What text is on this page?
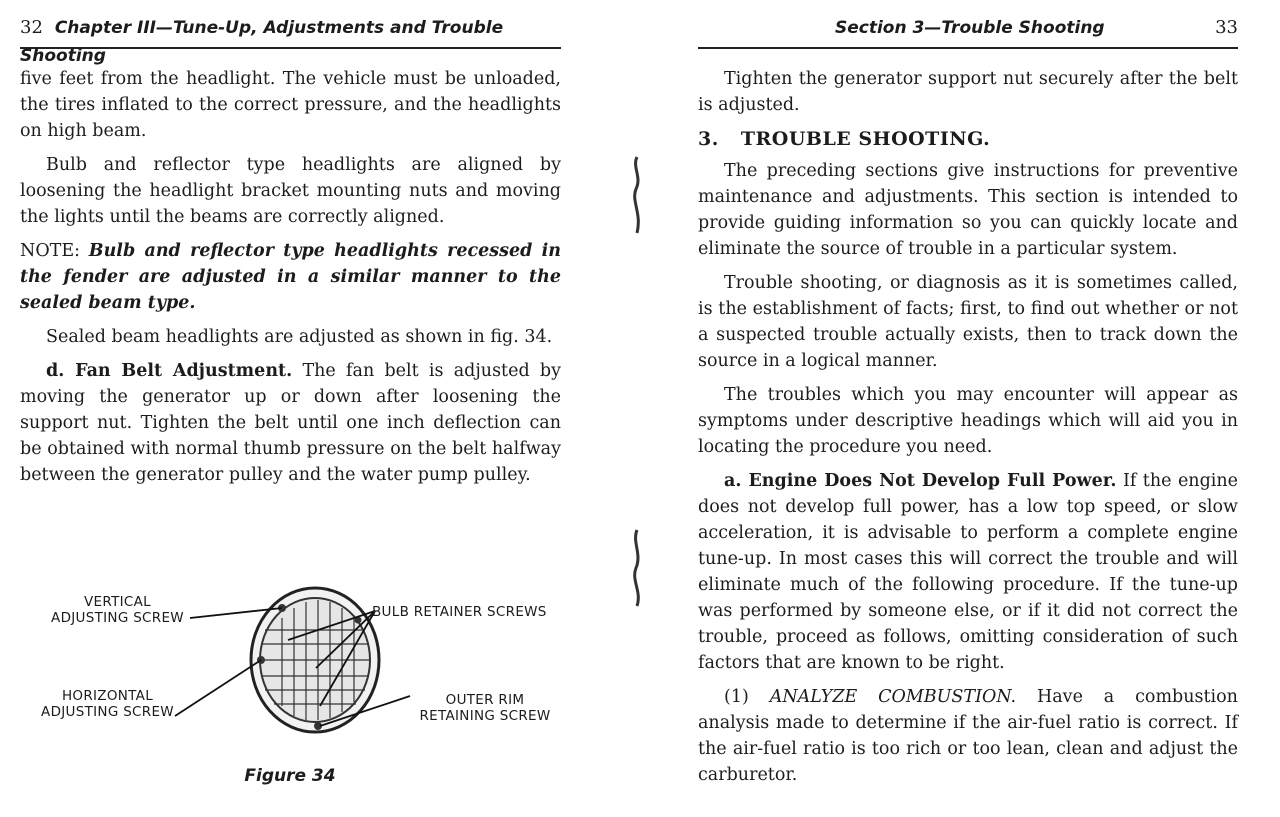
32 Chapter III—Tune-Up, Adjustments and Trouble Shooting

five feet from the headlight. The vehicle must be unloaded, the tires inflated to the correct pressure, and the headlights on high beam.

Bulb and reflector type headlights are aligned by loosening the headlight bracket mounting nuts and moving the lights until the beams are correctly aligned.

NOTE: Bulb and reflector type headlights recessed in the fender are adjusted in a similar manner to the sealed beam type.

Sealed beam headlights are adjusted as shown in fig. 34.

d. Fan Belt Adjustment. The fan belt is adjusted by moving the generator up or down after loosening the support nut. Tighten the belt until one inch deflection can be obtained with normal thumb pressure on the belt halfway between the generator pulley and the water pump pulley.

VERTICAL
ADJUSTING SCREW	BULB RETAINER SCREWS
HORIZONTAL
ADJUSTING SCREW
OUTER RIM
RETAINING SCREW
Figure 34
Section 3—Trouble Shooting	33

Tighten the generator support nut securely after the belt is adjusted.

3. TROUBLE SHOOTING.

The preceding sections give instructions for preventive maintenance and adjustments. This section is intended to provide guiding information so you can quickly locate and eliminate the source of trouble in a particular system.

Trouble shooting, or diagnosis as it is sometimes called, is the establishment of facts; first, to find out whether or not a suspected trouble actually exists, then to track down the source in a logical manner.

The troubles which you may encounter will appear as symptoms under descriptive headings which will aid you in locating the procedure you need.

a. Engine Does Not Develop Full Power. If the engine does not develop full power, has a low top speed, or slow acceleration, it is advisable to perform a complete engine tune-up. In most cases this will correct the trouble and will eliminate much of the following procedure. If the tune-up was performed by someone else, or if it did not correct the trouble, proceed as follows, omitting consideration of such factors that are known to be right.

(1) ANALYZE COMBUSTION. Have a combustion analysis made to determine if the air-fuel ratio is correct. If the air-fuel ratio is too rich or too lean, clean and adjust the carburetor.
